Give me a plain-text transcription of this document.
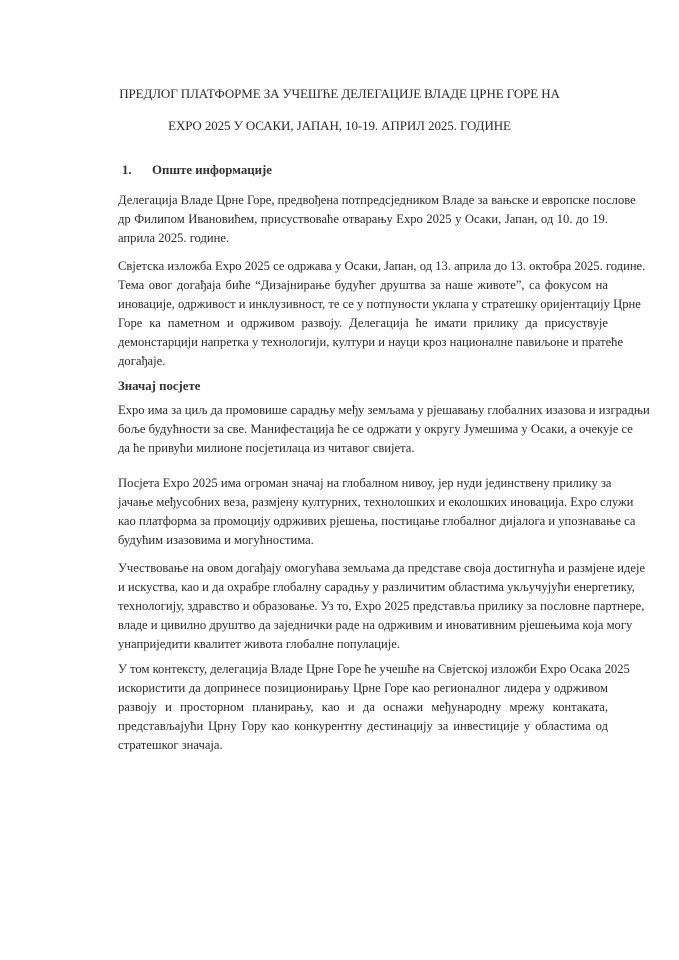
ПРЕДЛОГ ПЛАТФОРМЕ ЗА УЧЕШЋЕ ДЕЛЕГАЦИЈЕ ВЛАДЕ ЦРНЕ ГОРЕ НА
EXPO 2025 У ОСАКИ, ЈАПАН, 10-19. АПРИЛ 2025. ГОДИНЕ
1. Опште информације
Значај посјете
Делегација Владе Црне Горе, предвођена потпредсједником Владе за вањске и европске послове
др Филипом Ивановићем, присуствоваће отварању Expo 2025 у Осаки, Јапан, од 10. до 19.
априла 2025. године.
Свјетска изложба Expo 2025 се одржава у Осаки, Јапан, од 13. априла до 13. октобра 2025. године.
Тема овог догађаја биће “Дизајнирање будућег друштва за наше животе”, са фокусом на
иновације, одрживост и инклузивност, те се у потпуности уклапа у стратешку оријентацију Црне
Горе ка паметном и одрживом развоју. Делегација ће имати прилику да присуствује
демонстарцији напретка у технологији, култури и науци кроз националне павиљоне и пратеће
догађаје.
Expo има за циљ да промовише сарадњу међу земљама у рјешавању глобалних изазова и изградњи
боље будућности за све. Манифестација ће се одржати у округу Јумешима у Осаки, а очекује се
да ће привући милионе посјетилаца из читавог свијета.
Посјета Expo 2025 има огроман значај на глобалном нивоу, јер нуди јединствену прилику за
јачање међусобних веза, размјену културних, технолошких и еколошких иновација. Expo служи
као платформа за промоцију одрживих рјешења, постицање глобалног дијалога и упознавање са
будућим изазовима и могућностима.
Учествовање на овом догађају омогућава земљама да представе своја достигнућа и размјене идеје
и искуства, као и да охрабре глобалну сарадњу у различитим областима укључујући енергетику,
технологију, здравство и образовање. Уз то, Expo 2025 представља прилику за пословне партнере,
владе и цивилно друштво да заједнички раде на одрживим и иновативним рјешењима која могу
унаприједити квалитет живота глобалне популације.
У том контексту, делегација Владе Црне Горе ће учешће на Свјетској изложби Expo Осака 2025
искористити да допринесе позиционирању Црне Горе као регионалног лидера у одрживом
развоју и просторном планирању, као и да оснажи међународну мрежу контаката,
представљајући Црну Гору као конкурентну дестинацију за инвестиције у областима од
стратешког значаја.
